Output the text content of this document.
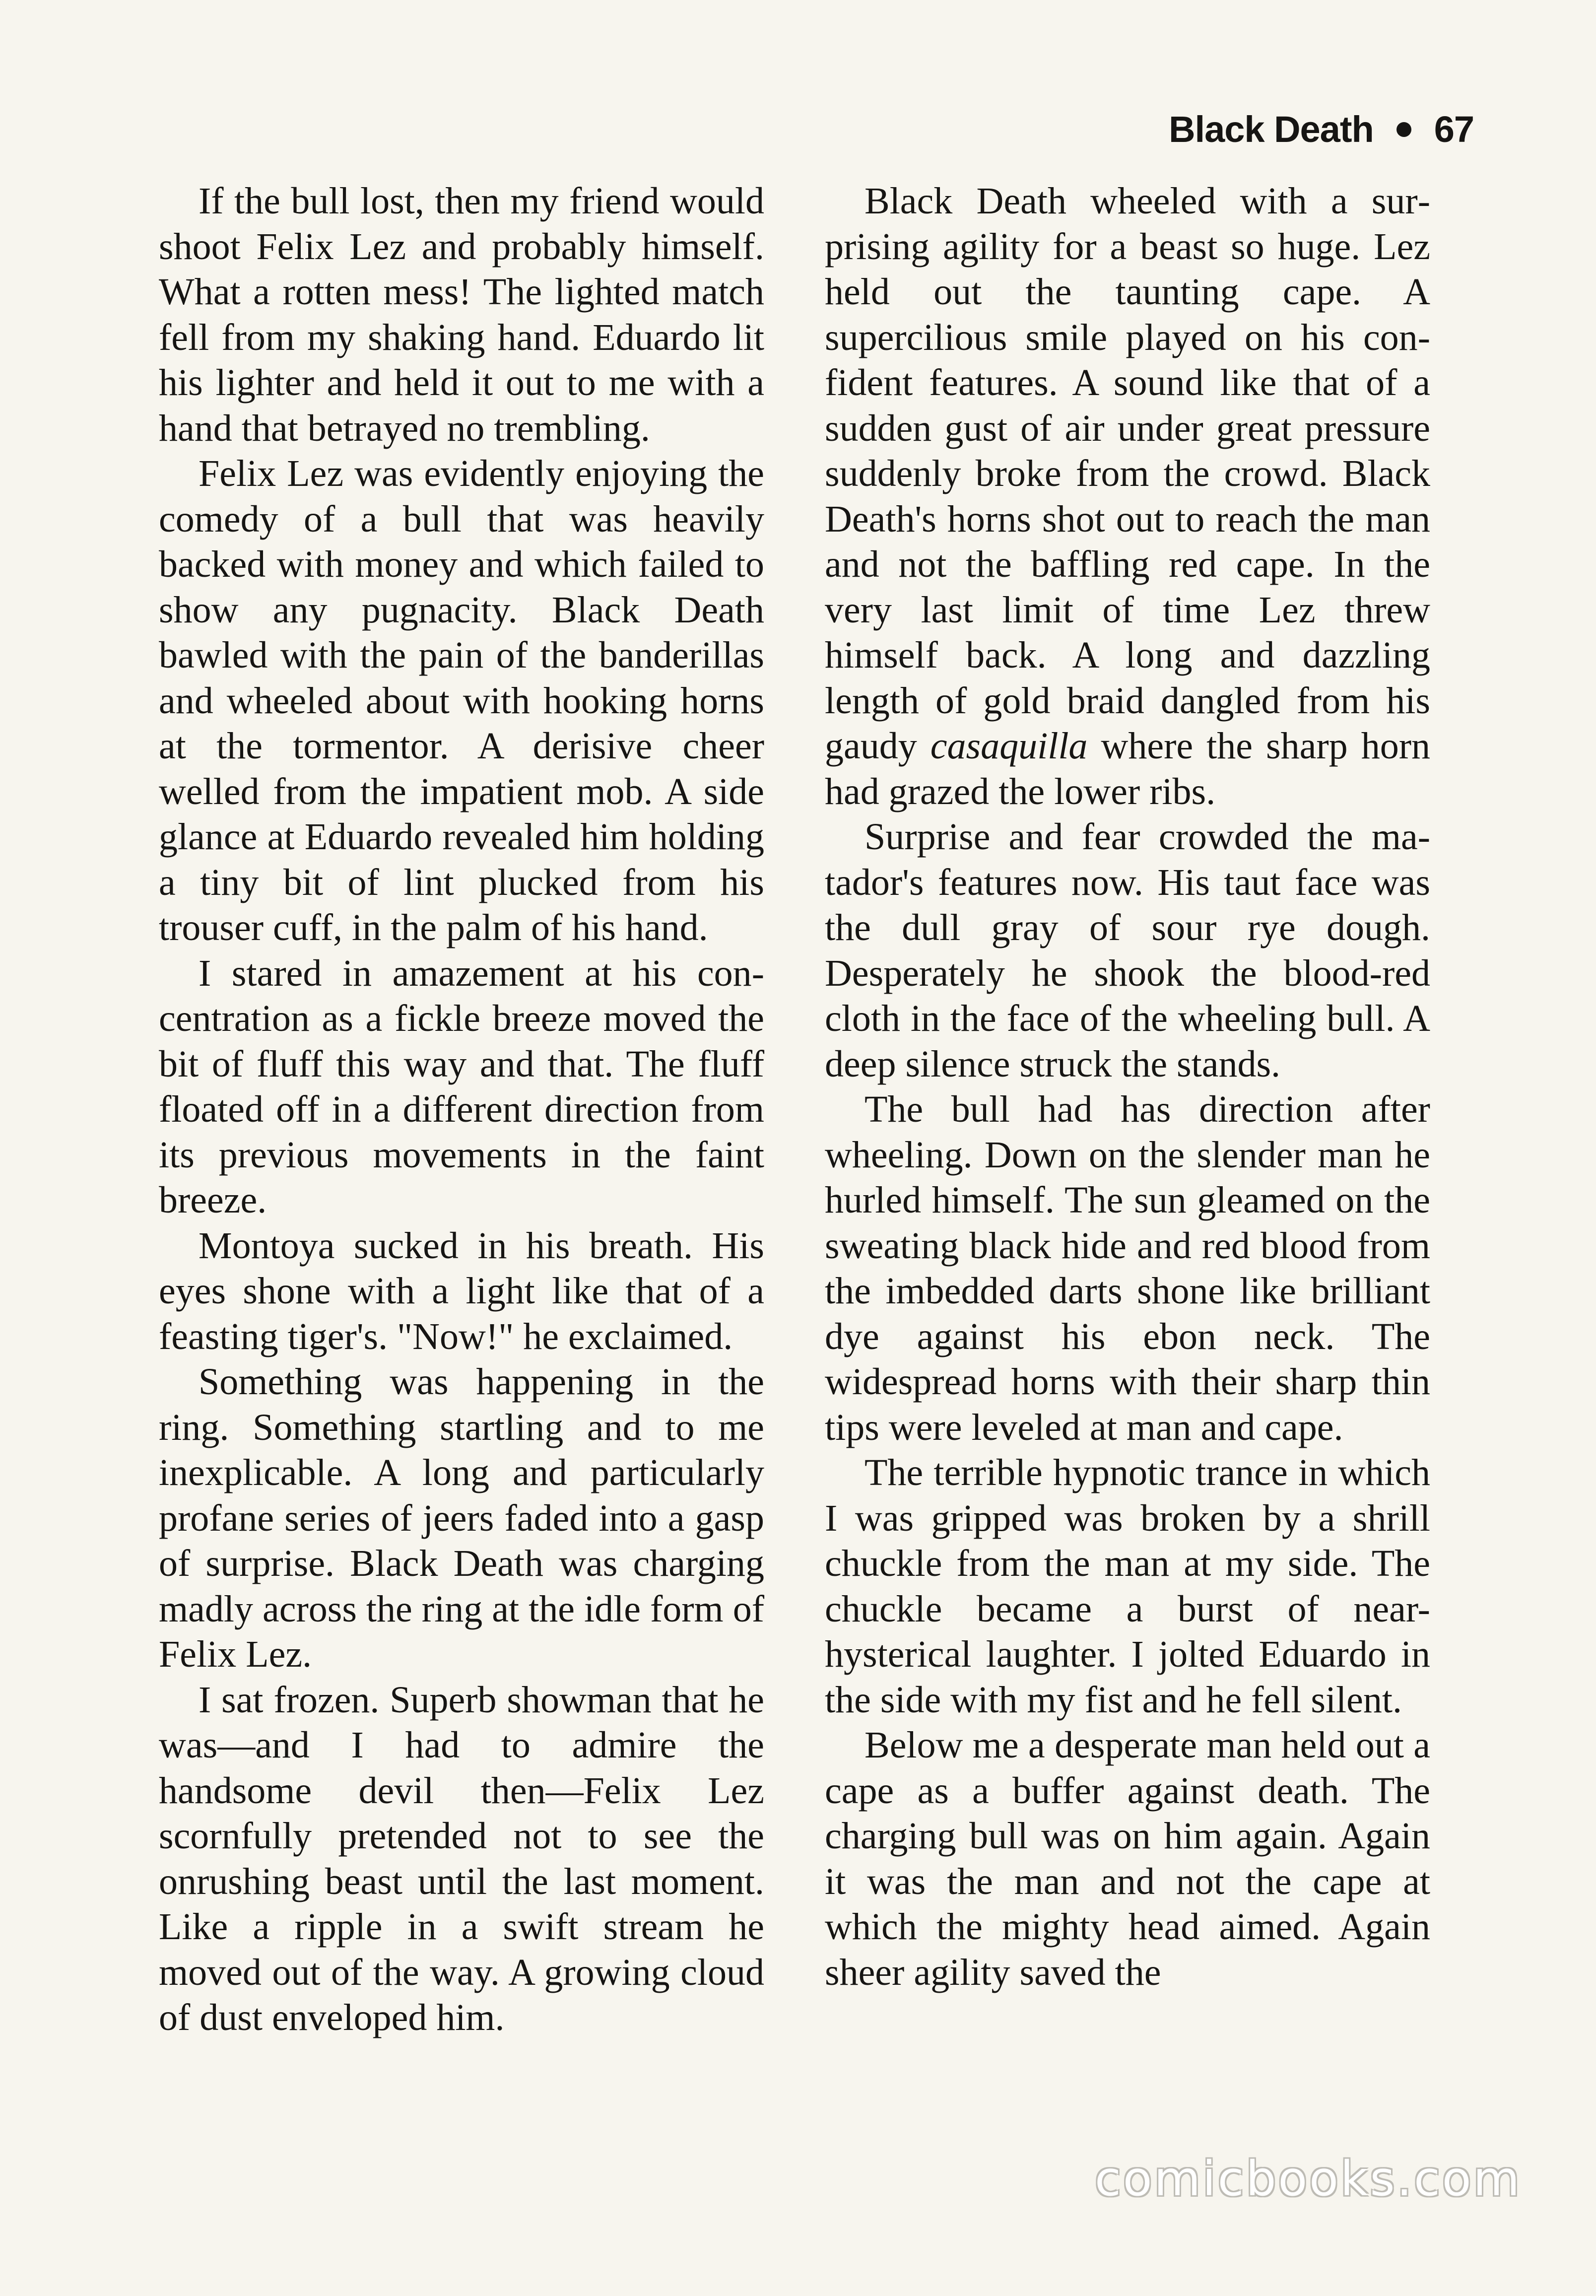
Black Death 67

If the bull lost, then my friend would shoot Felix Lez and probably himself. What a rotten mess! The lighted match fell from my shaking hand. Eduardo lit his lighter and held it out to me with a hand that betrayed no trembling.

Felix Lez was evidently enjoying the comedy of a bull that was heavily backed with money and which failed to show any pugnacity. Black Death bawled with the pain of the banderillas and wheeled about with hooking horns at the tormentor. A derisive cheer welled from the impatient mob. A side glance at Eduardo revealed him holding a tiny bit of lint plucked from his trouser cuff, in the palm of his hand.

I stared in amazement at his concentration as a fickle breeze moved the bit of fluff this way and that. The fluff floated off in a different direction from its previous movements in the faint breeze.

Montoya sucked in his breath. His eyes shone with a light like that of a feasting tiger's. "Now!" he exclaimed.

Something was happening in the ring. Something startling and to me inexplicable. A long and particularly profane series of jeers faded into a gasp of surprise. Black Death was charging madly across the ring at the idle form of Felix Lez.

I sat frozen. Superb showman that he was—and I had to admire the handsome devil then—Felix Lez scornfully pretended not to see the onrushing beast until the last moment. Like a ripple in a swift stream he moved out of the way. A growing cloud of dust enveloped him.

Black Death wheeled with a surprising agility for a beast so huge. Lez held out the taunting cape. A supercilious smile played on his confident features. A sound like that of a sudden gust of air under great pressure suddenly broke from the crowd. Black Death's horns shot out to reach the man and not the baffling red cape. In the very last limit of time Lez threw himself back. A long and dazzling length of gold braid dangled from his gaudy casaquilla where the sharp horn had grazed the lower ribs.

Surprise and fear crowded the matador's features now. His taut face was the dull gray of sour rye dough. Desperately he shook the blood-red cloth in the face of the wheeling bull. A deep silence struck the stands.

The bull had has direction after wheeling. Down on the slender man he hurled himself. The sun gleamed on the sweating black hide and red blood from the imbedded darts shone like brilliant dye against his ebon neck. The widespread horns with their sharp thin tips were leveled at man and cape.

The terrible hypnotic trance in which I was gripped was broken by a shrill chuckle from the man at my side. The chuckle became a burst of near-hysterical laughter. I jolted Eduardo in the side with my fist and he fell silent.

Below me a desperate man held out a cape as a buffer against death. The charging bull was on him again. Again it was the man and not the cape at which the mighty head aimed. Again sheer agility saved the

comicbooks.com
